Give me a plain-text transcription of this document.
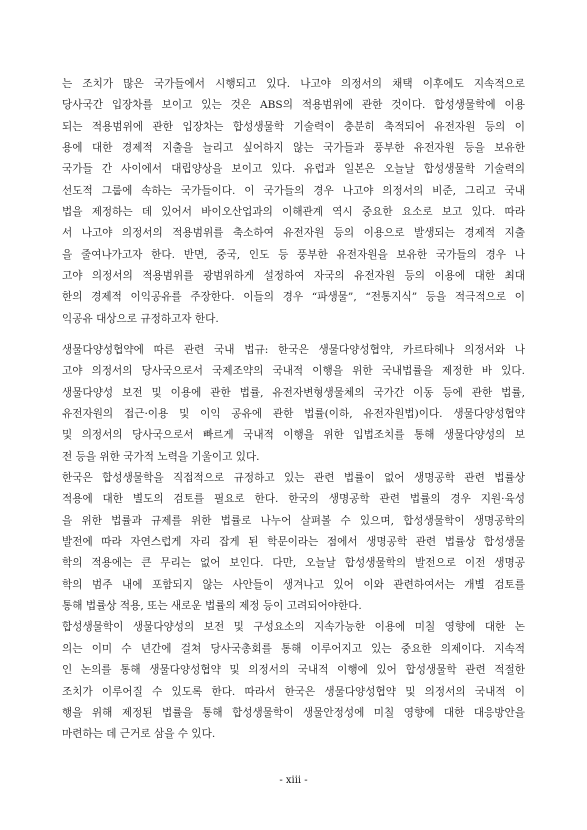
는 조치가 많은 국가들에서 시행되고 있다. 나고야 의정서의 채택 이후에도 지속적으로
당사국간 입장차를 보이고 있는 것은 ABS의 적용범위에 관한 것이다. 합성생물학에 이용
되는 적용범위에 관한 입장차는 합성생물학 기술력이 충분히 축적되어 유전자원 등의 이
용에 대한 경제적 지출을 늘리고 싶어하지 않는 국가들과 풍부한 유전자원 등을 보유한
국가들 간 사이에서 대립양상을 보이고 있다. 유럽과 일본은 오늘날 합성생물학 기술력의
선도적 그룹에 속하는 국가들이다. 이 국가들의 경우 나고야 의정서의 비준, 그리고 국내
법을 제정하는 데 있어서 바이오산업과의 이해관계 역시 중요한 요소로 보고 있다. 따라
서 나고야 의정서의 적용범위를 축소하여 유전자원 등의 이용으로 발생되는 경제적 지출
을 줄여나가고자 한다. 반면, 중국, 인도 등 풍부한 유전자원을 보유한 국가들의 경우 나
고야 의정서의 적용범위를 광범위하게 설정하여 자국의 유전자원 등의 이용에 대한 최대
한의 경제적 이익공유를 주장한다. 이들의 경우 “파생물”, “전통지식” 등을 적극적으로 이
익공유 대상으로 규정하고자 한다.
생물다양성협약에 따른 관련 국내 법규: 한국은 생물다양성협약, 카르타헤나 의정서와 나
고야 의정서의 당사국으로서 국제조약의 국내적 이행을 위한 국내법률을 제정한 바 있다.
생물다양성 보전 및 이용에 관한 법률, 유전자변형생물체의 국가간 이동 등에 관한 법률,
유전자원의 접근·이용 및 이익 공유에 관한 법률(이하, 유전자원법)이다. 생물다양성협약
및 의정서의 당사국으로서 빠르게 국내적 이행을 위한 입법조치를 통해 생물다양성의 보
전 등을 위한 국가적 노력을 기울이고 있다.
한국은 합성생물학을 직접적으로 규정하고 있는 관련 법률이 없어 생명공학 관련 법률상
적용에 대한 별도의 검토를 필요로 한다. 한국의 생명공학 관련 법률의 경우 지원·육성
을 위한 법률과 규제를 위한 법률로 나누어 살펴볼 수 있으며, 합성생물학이 생명공학의
발전에 따라 자연스럽게 자리 잡게 된 학문이라는 점에서 생명공학 관련 법률상 합성생물
학의 적용에는 큰 무리는 없어 보인다. 다만, 오늘날 합성생물학의 발전으로 이전 생명공
학의 범주 내에 포함되지 않는 사안들이 생겨나고 있어 이와 관련하여서는 개별 검토를
통해 법률상 적용, 또는 새로운 법률의 제정 등이 고려되어야한다.
합성생물학이 생물다양성의 보전 및 구성요소의 지속가능한 이용에 미칠 영향에 대한 논
의는 이미 수 년간에 걸쳐 당사국총회를 통해 이루어지고 있는 중요한 의제이다. 지속적
인 논의를 통해 생물다양성협약 및 의정서의 국내적 이행에 있어 합성생물학 관련 적절한
조치가 이루어질 수 있도록 한다. 따라서 한국은 생물다양성협약 및 의정서의 국내적 이
행을 위해 제정된 법률을 통해 합성생물학이 생물안정성에 미칠 영향에 대한 대응방안을
마련하는 데 근거로 삼을 수 있다.
- xiii -
